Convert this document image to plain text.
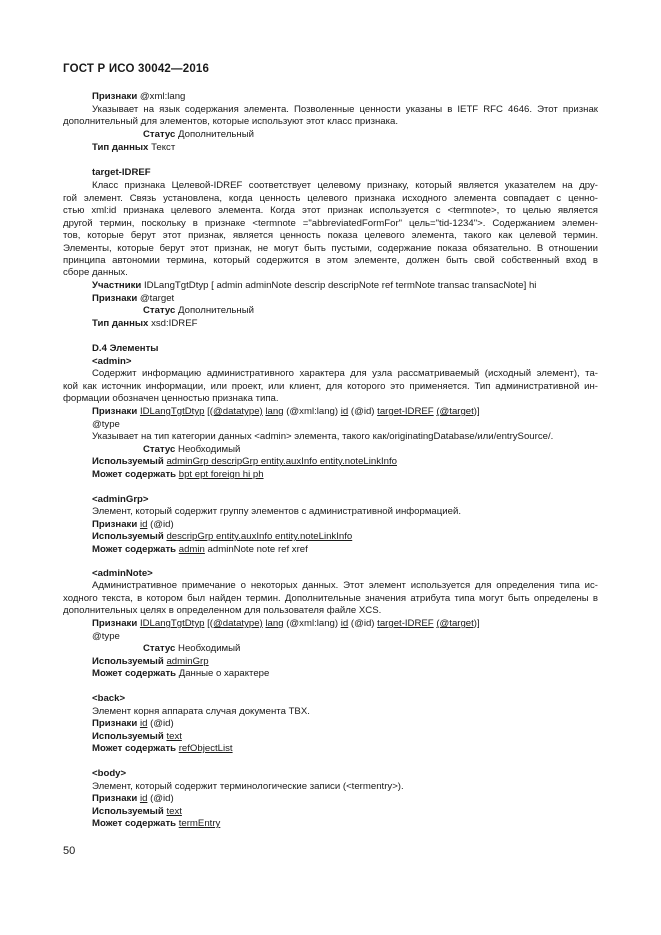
ГОСТ Р ИСО 30042—2016
Признаки @xml:lang
Указывает на язык содержания элемента. Позволенные ценности указаны в IETF RFC 4646. Этот признак
дополнительный для элементов, которые используют этот класс признака.
Статус Дополнительный
Тип данных Текст
target-IDREF
Класс признака Целевой-IDREF соответствует целевому признаку, который является указателем на дру-
гой элемент. Связь установлена, когда ценность целевого признака исходного элемента совпадает с ценно-
стью xml:id признака целевого элемента. Когда этот признак используется с <termnote>, то целью является
другой термин, поскольку в признаке <termnote ="abbreviatedFormFor" цель="tid-1234">. Содержанием элемен-
тов, которые берут этот признак, является ценность показа целевого элемента, такого как целевой термин.
Элементы, которые берут этот признак, не могут быть пустыми, содержание показа обязательно. В отношении
принципа автономии термина, который содержится в этом элементе, должен быть свой собственный вход в
сборе данных.
Участники IDLangTgtDtyp [ admin adminNote descrip descripNote ref termNote transac transacNote] hi
Признаки @target
Статус Дополнительный
Тип данных xsd:IDREF
D.4 Элементы
<admin>
Содержит информацию административного характера для узла рассматриваемый (исходный элемент), та-
кой как источник информации, или проект, или клиент, для которого это применяется. Тип административной ин-
формации обозначен ценностью признака типа.
Признаки IDLangTgtDtyp [(@datatype) lang (@xml:lang) id (@id) target-IDREF (@target)]
@type
Указывает на тип категории данных <admin> элемента, такого как/originatingDatabase/или/entrySource/.
Статус Необходимый
Используемый adminGrp descripGrp entity.auxInfo entity.noteLinkInfo
Может содержать bpt ept foreign hi ph
<adminGrp>
Элемент, который содержит группу элементов с административной информацией.
Признаки id (@id)
Используемый descripGrp entity.auxInfo entity.noteLinkInfo
Может содержать admin adminNote note ref xref
<adminNote>
Административное примечание о некоторых данных. Этот элемент используется для определения типа ис-
ходного текста, в котором был найден термин. Дополнительные значения атрибута типа могут быть определены в
дополнительных целях в определенном для пользователя файле XCS.
Признаки IDLangTgtDtyp [(@datatype) lang (@xml:lang) id (@id) target-IDREF (@target)]
@type
Статус Необходимый
Используемый adminGrp
Может содержать Данные о характере
<back>
Элемент корня аппарата случая документа TBX.
Признаки id (@id)
Используемый text
Может содержать refObjectList
<body>
Элемент, который содержит терминологические записи (<termentry>).
Признаки id (@id)
Используемый text
Может содержать termEntry
50
